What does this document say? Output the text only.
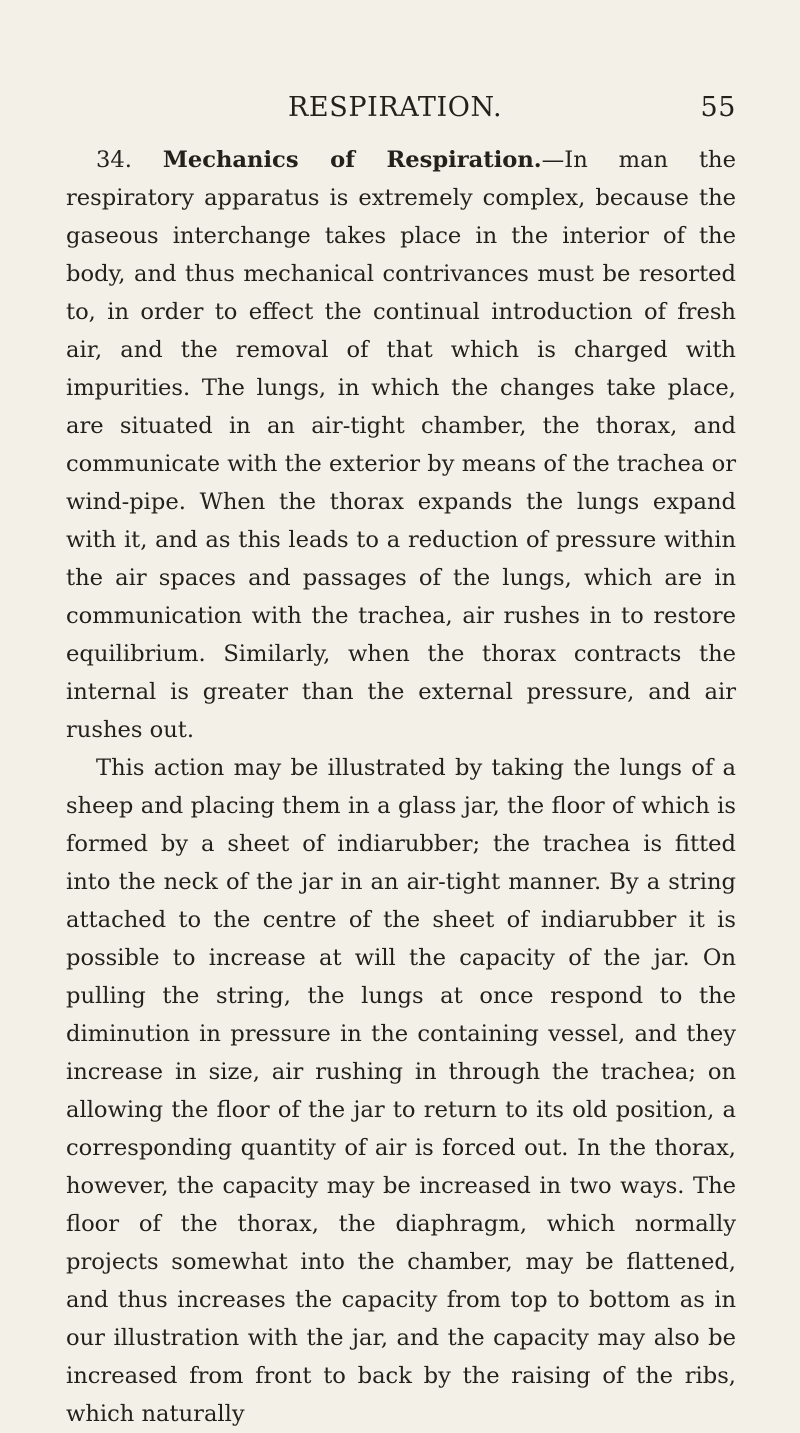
RESPIRATION.	55

34. Mechanics of Respiration.—In man the respiratory apparatus is extremely complex, because the gaseous interchange takes place in the interior of the body, and thus mechanical contrivances must be resorted to, in order to effect the continual introduction of fresh air, and the removal of that which is charged with impurities. The lungs, in which the changes take place, are situated in an air-tight chamber, the thorax, and communicate with the exterior by means of the trachea or wind-pipe. When the thorax expands the lungs expand with it, and as this leads to a reduction of pressure within the air spaces and passages of the lungs, which are in communication with the trachea, air rushes in to restore equilibrium. Similarly, when the thorax contracts the internal is greater than the external pressure, and air rushes out.

This action may be illustrated by taking the lungs of a sheep and placing them in a glass jar, the floor of which is formed by a sheet of indiarubber; the trachea is fitted into the neck of the jar in an air-tight manner. By a string attached to the centre of the sheet of indiarubber it is possible to increase at will the capacity of the jar. On pulling the string, the lungs at once respond to the diminution in pressure in the containing vessel, and they increase in size, air rushing in through the trachea; on allowing the floor of the jar to return to its old position, a corresponding quantity of air is forced out. In the thorax, however, the capacity may be increased in two ways. The floor of the thorax, the diaphragm, which normally projects somewhat into the chamber, may be flattened, and thus increases the capacity from top to bottom as in our illustration with the jar, and the capacity may also be increased from front to back by the raising of the ribs, which naturally
